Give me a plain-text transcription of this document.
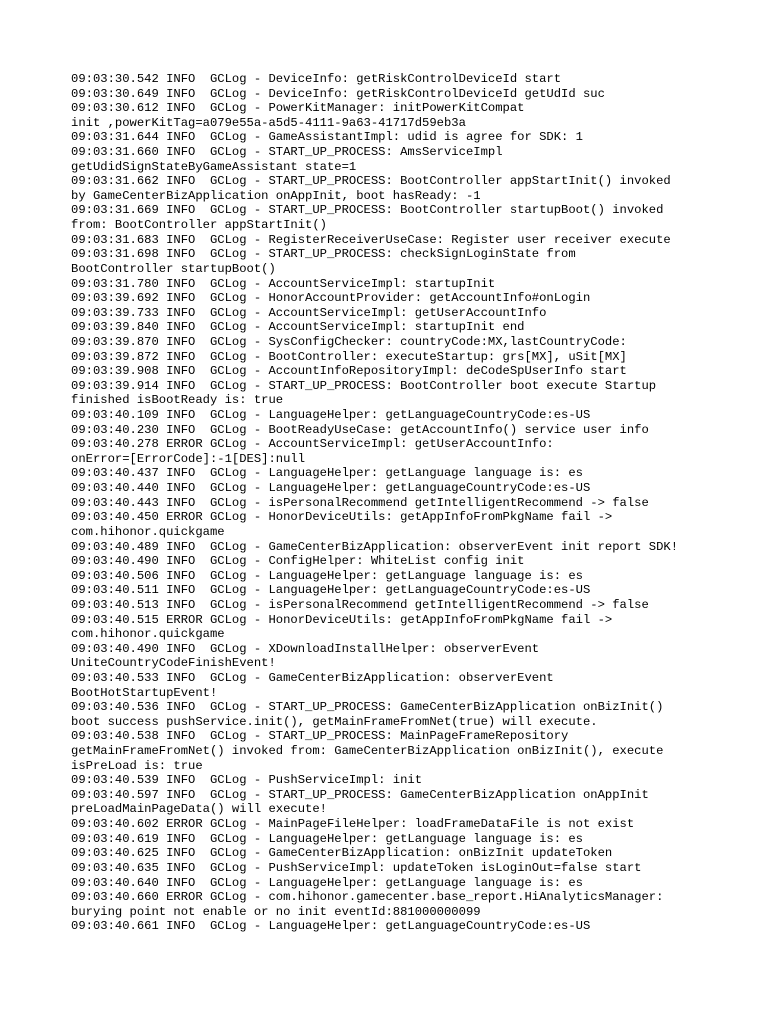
09:03:30.542 INFO  GCLog - DeviceInfo: getRiskControlDeviceId start
09:03:30.649 INFO  GCLog - DeviceInfo: getRiskControlDeviceId getUdId suc
09:03:30.612 INFO  GCLog - PowerKitManager: initPowerKitCompat
init ,powerKitTag=a079e55a-a5d5-4111-9a63-41717d59eb3a
09:03:31.644 INFO  GCLog - GameAssistantImpl: udid is agree for SDK: 1
09:03:31.660 INFO  GCLog - START_UP_PROCESS: AmsServiceImpl
getUdidSignStateByGameAssistant state=1
09:03:31.662 INFO  GCLog - START_UP_PROCESS: BootController appStartInit() invoked
by GameCenterBizApplication onAppInit, boot hasReady: -1
09:03:31.669 INFO  GCLog - START_UP_PROCESS: BootController startupBoot() invoked
from: BootController appStartInit()
09:03:31.683 INFO  GCLog - RegisterReceiverUseCase: Register user receiver execute
09:03:31.698 INFO  GCLog - START_UP_PROCESS: checkSignLoginState from
BootController startupBoot()
09:03:31.780 INFO  GCLog - AccountServiceImpl: startupInit
09:03:39.692 INFO  GCLog - HonorAccountProvider: getAccountInfo#onLogin
09:03:39.733 INFO  GCLog - AccountServiceImpl: getUserAccountInfo
09:03:39.840 INFO  GCLog - AccountServiceImpl: startupInit end
09:03:39.870 INFO  GCLog - SysConfigChecker: countryCode:MX,lastCountryCode:
09:03:39.872 INFO  GCLog - BootController: executeStartup: grs[MX], uSit[MX]
09:03:39.908 INFO  GCLog - AccountInfoRepositoryImpl: deCodeSpUserInfo start
09:03:39.914 INFO  GCLog - START_UP_PROCESS: BootController boot execute Startup
finished isBootReady is: true
09:03:40.109 INFO  GCLog - LanguageHelper: getLanguageCountryCode:es-US
09:03:40.230 INFO  GCLog - BootReadyUseCase: getAccountInfo() service user info
09:03:40.278 ERROR GCLog - AccountServiceImpl: getUserAccountInfo:
onError=[ErrorCode]:-1[DES]:null
09:03:40.437 INFO  GCLog - LanguageHelper: getLanguage language is: es
09:03:40.440 INFO  GCLog - LanguageHelper: getLanguageCountryCode:es-US
09:03:40.443 INFO  GCLog - isPersonalRecommend getIntelligentRecommend -> false
09:03:40.450 ERROR GCLog - HonorDeviceUtils: getAppInfoFromPkgName fail ->
com.hihonor.quickgame
09:03:40.489 INFO  GCLog - GameCenterBizApplication: observerEvent init report SDK!
09:03:40.490 INFO  GCLog - ConfigHelper: WhiteList config init
09:03:40.506 INFO  GCLog - LanguageHelper: getLanguage language is: es
09:03:40.511 INFO  GCLog - LanguageHelper: getLanguageCountryCode:es-US
09:03:40.513 INFO  GCLog - isPersonalRecommend getIntelligentRecommend -> false
09:03:40.515 ERROR GCLog - HonorDeviceUtils: getAppInfoFromPkgName fail ->
com.hihonor.quickgame
09:03:40.490 INFO  GCLog - XDownloadInstallHelper: observerEvent
UniteCountryCodeFinishEvent!
09:03:40.533 INFO  GCLog - GameCenterBizApplication: observerEvent
BootHotStartupEvent!
09:03:40.536 INFO  GCLog - START_UP_PROCESS: GameCenterBizApplication onBizInit()
boot success pushService.init(), getMainFrameFromNet(true) will execute.
09:03:40.538 INFO  GCLog - START_UP_PROCESS: MainPageFrameRepository
getMainFrameFromNet() invoked from: GameCenterBizApplication onBizInit(), execute
isPreLoad is: true
09:03:40.539 INFO  GCLog - PushServiceImpl: init
09:03:40.597 INFO  GCLog - START_UP_PROCESS: GameCenterBizApplication onAppInit
preLoadMainPageData() will execute!
09:03:40.602 ERROR GCLog - MainPageFileHelper: loadFrameDataFile is not exist
09:03:40.619 INFO  GCLog - LanguageHelper: getLanguage language is: es
09:03:40.625 INFO  GCLog - GameCenterBizApplication: onBizInit updateToken
09:03:40.635 INFO  GCLog - PushServiceImpl: updateToken isLoginOut=false start
09:03:40.640 INFO  GCLog - LanguageHelper: getLanguage language is: es
09:03:40.660 ERROR GCLog - com.hihonor.gamecenter.base_report.HiAnalyticsManager:
burying point not enable or no init eventId:881000000099
09:03:40.661 INFO  GCLog - LanguageHelper: getLanguageCountryCode:es-US
